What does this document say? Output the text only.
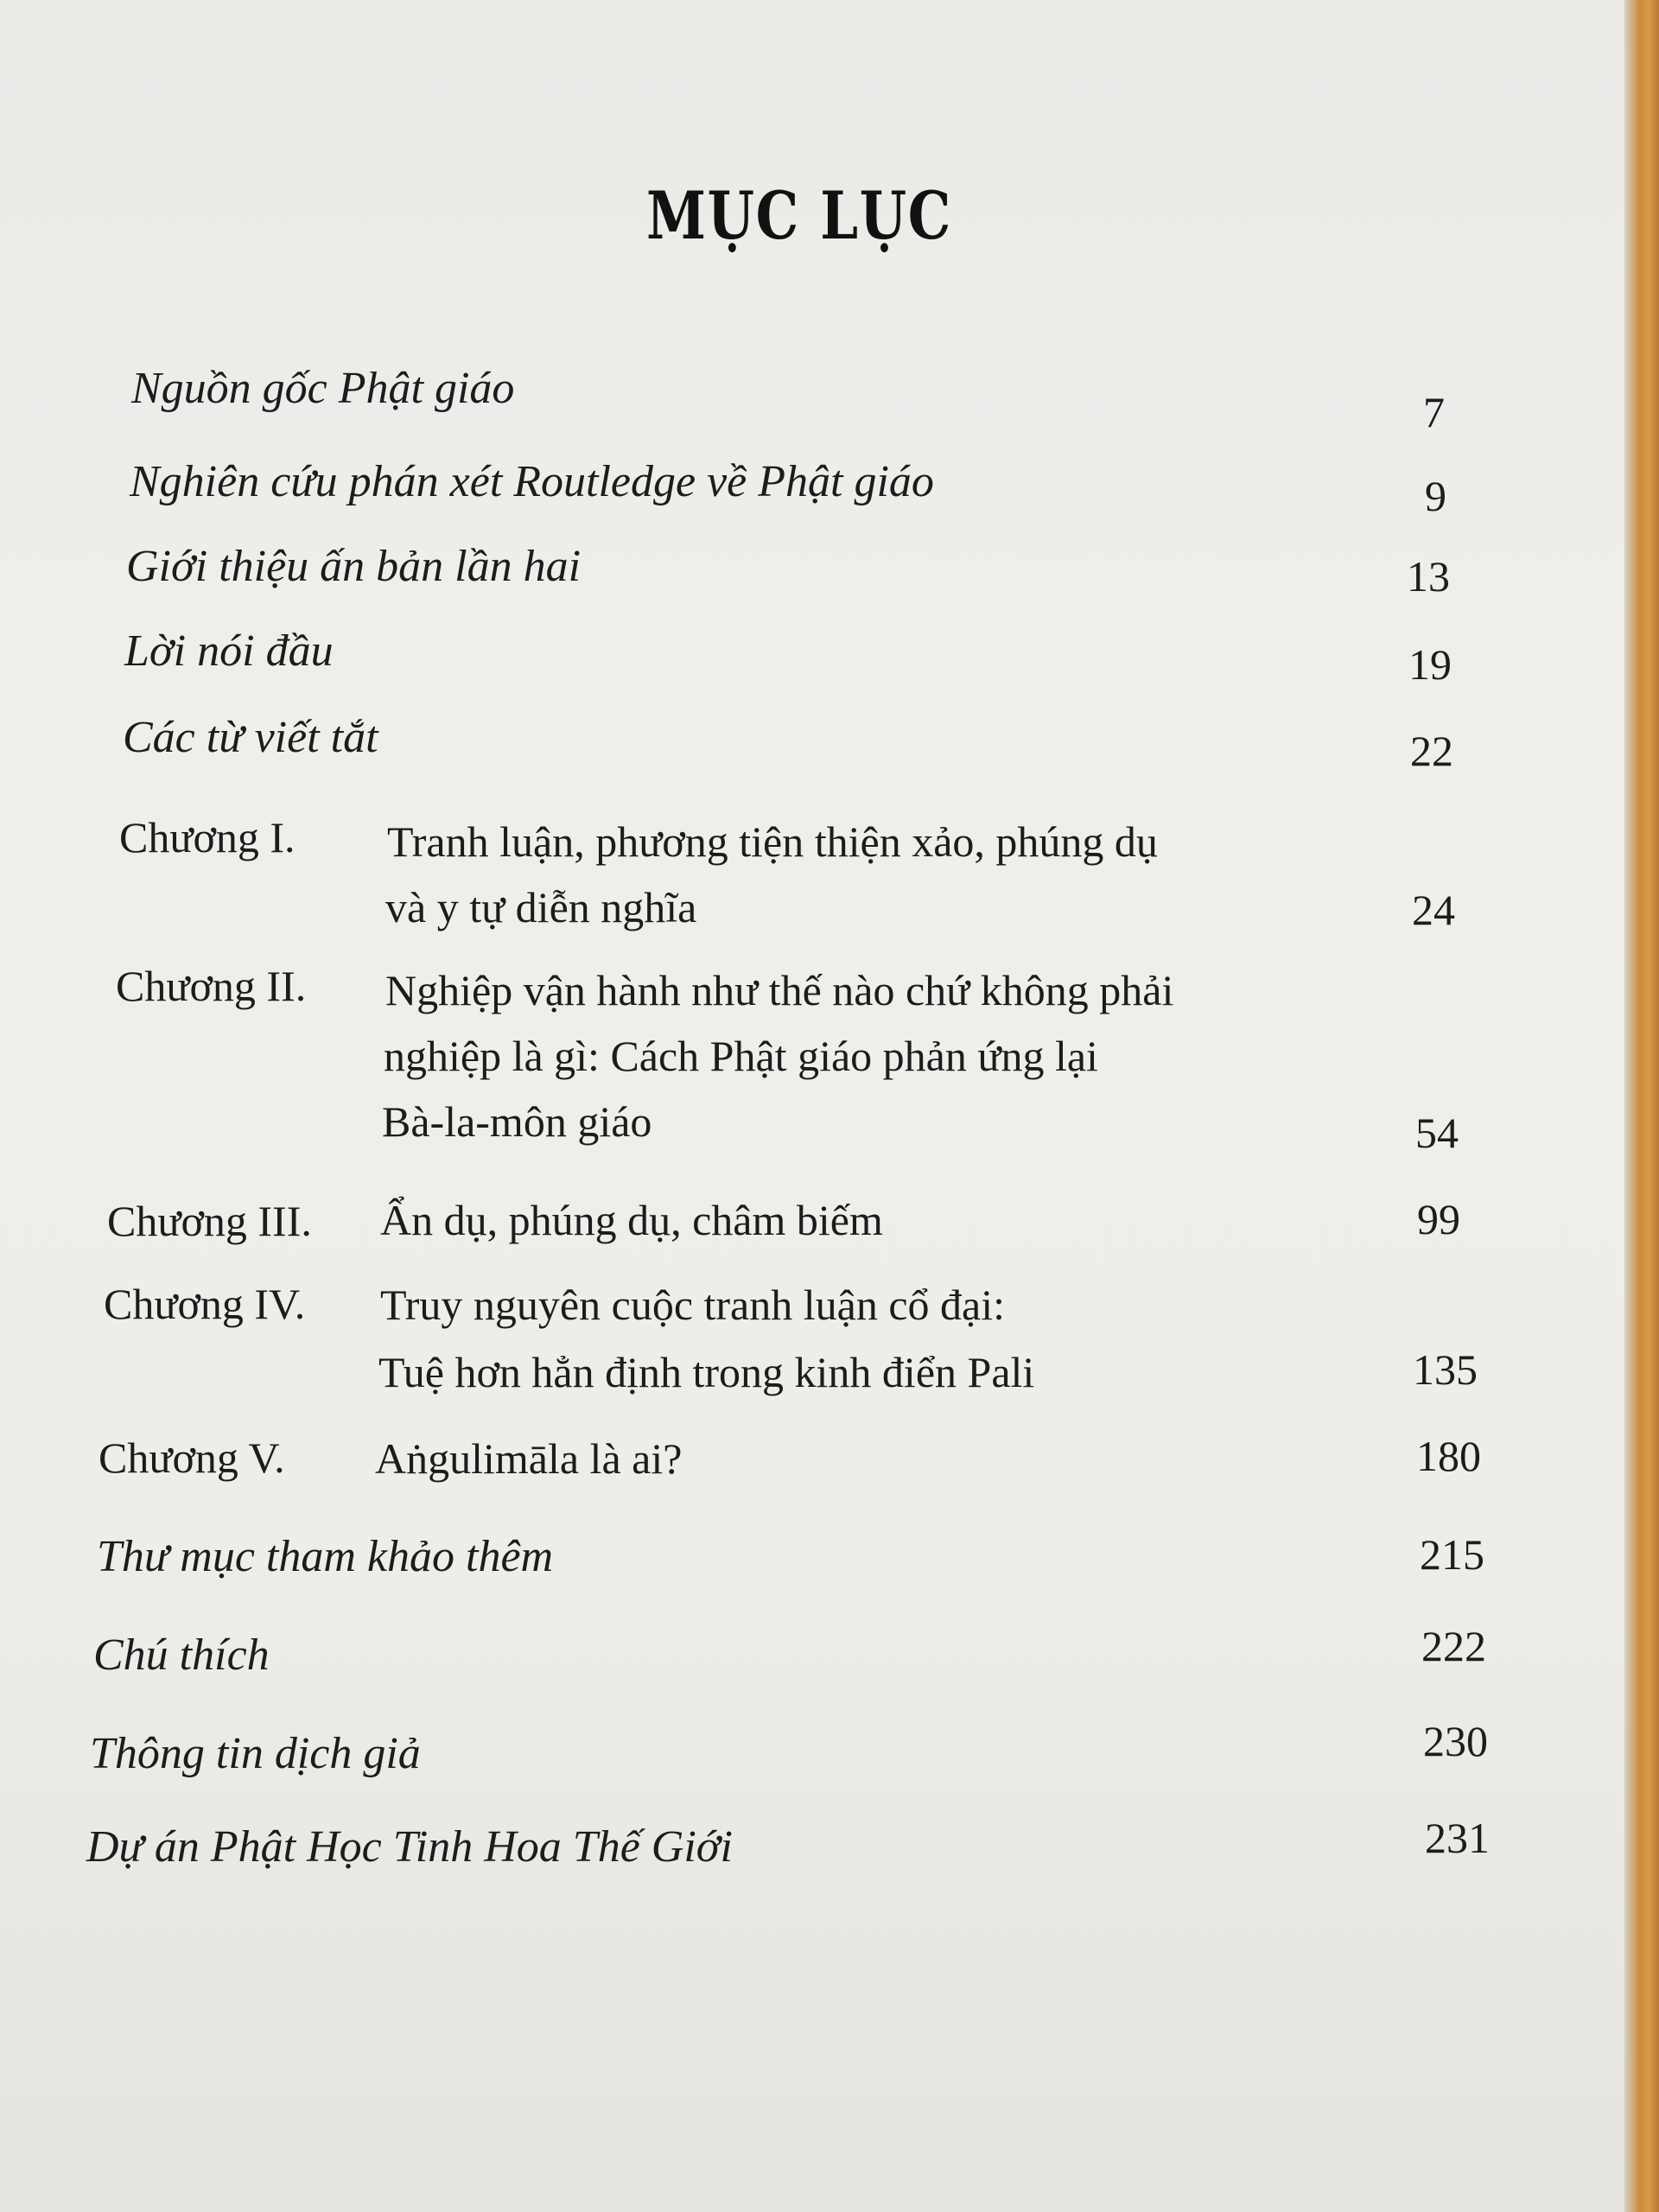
MỤC LỤC
Nguồn gốc Phật giáo	7
Nghiên cứu phán xét Routledge về Phật giáo	9
Giới thiệu ấn bản lần hai	13
Lời nói đầu	19
Các từ viết tắt	22
Chương I. Tranh luận, phương tiện thiện xảo, phúng dụ
và y tự diễn nghĩa	24
Chương II. Nghiệp vận hành như thế nào chứ không phải
nghiệp là gì: Cách Phật giáo phản ứng lại
Bà-la-môn giáo	54
Chương III. Ẩn dụ, phúng dụ, châm biếm	99
Chương IV. Truy nguyên cuộc tranh luận cổ đại:
Tuệ hơn hẳn định trong kinh điển Pali	135
Chương V. Aṅgulimāla là ai?	180
Thư mục tham khảo thêm	215
Chú thích	222
Thông tin dịch giả	230
Dự án Phật Học Tinh Hoa Thế Giới	231
